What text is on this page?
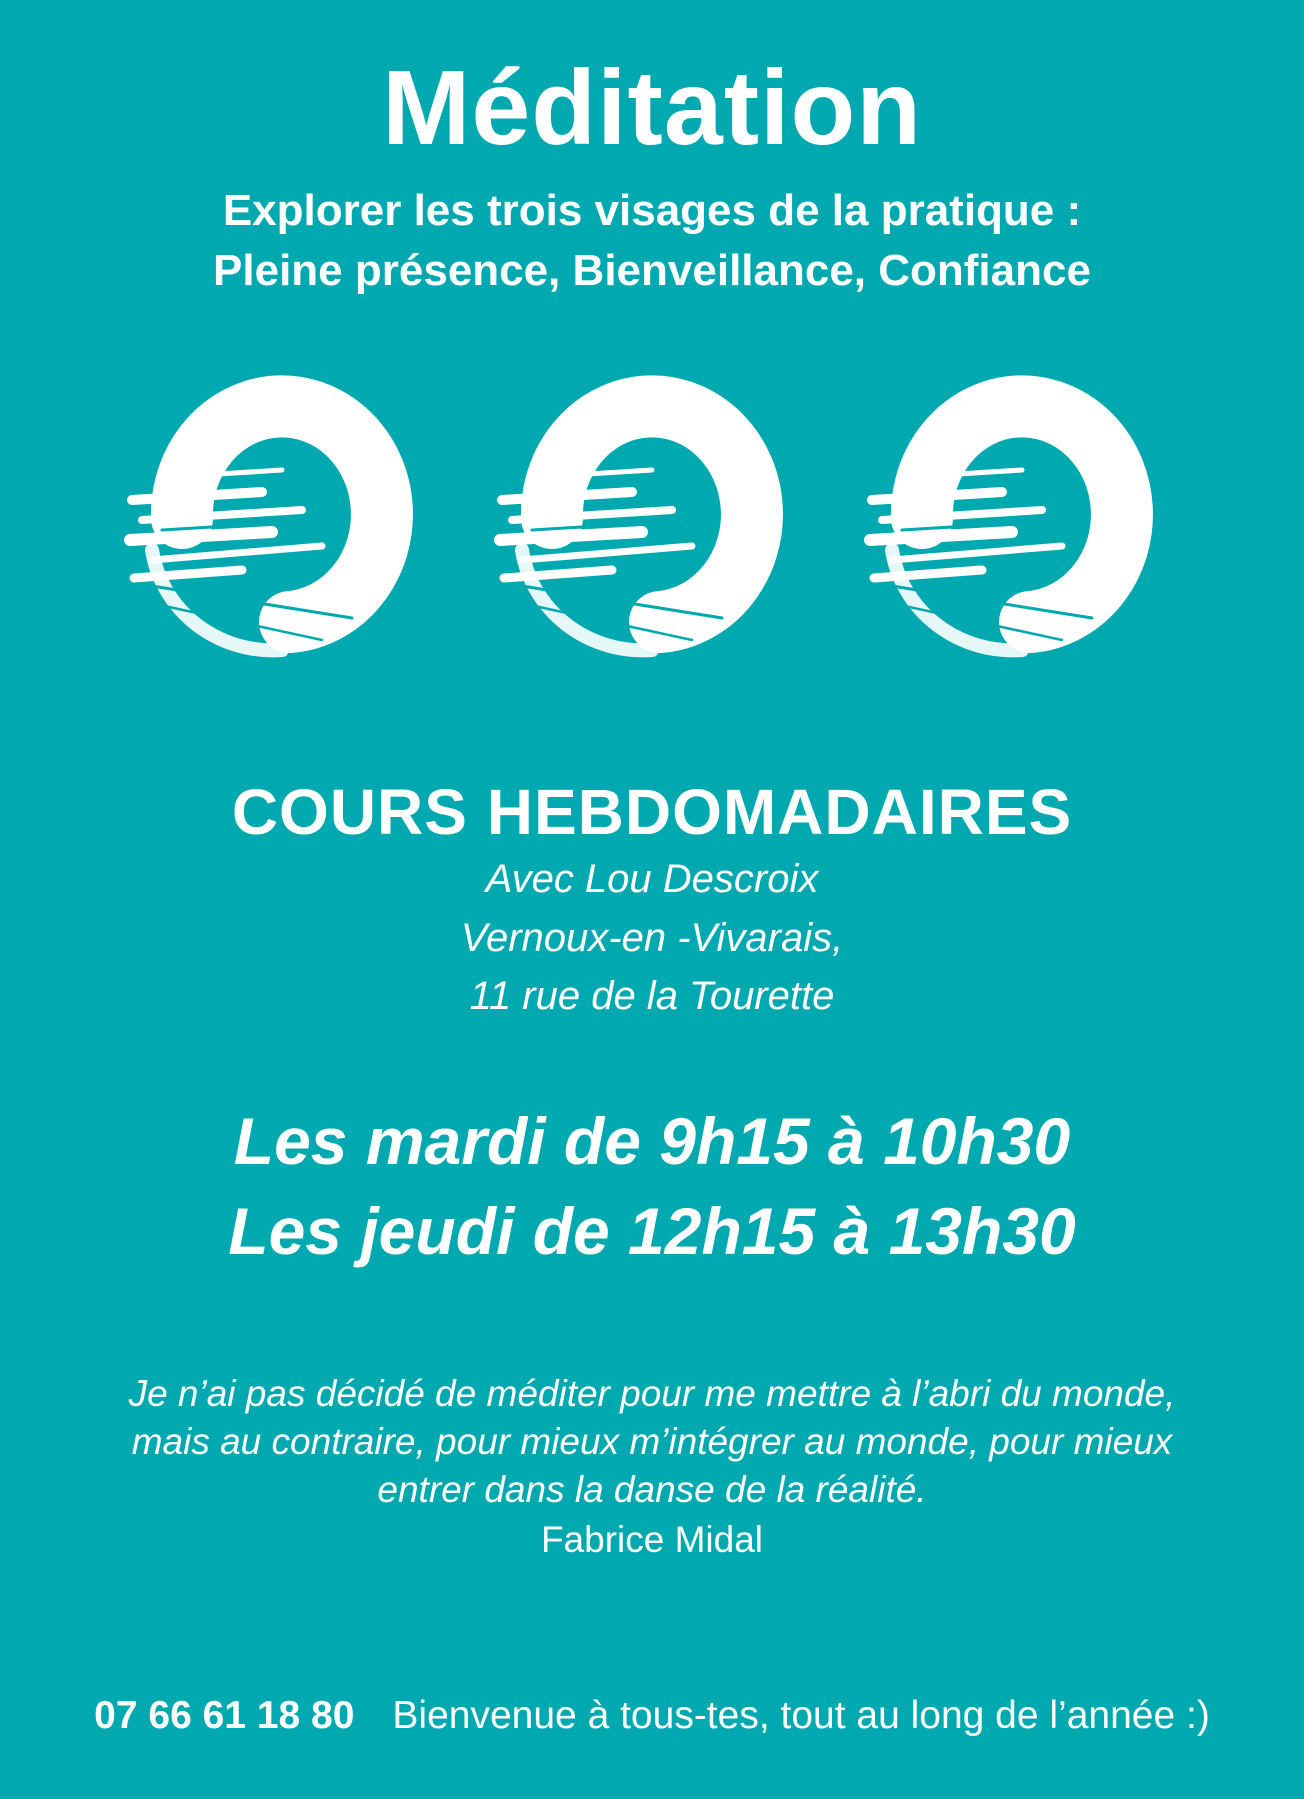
Méditation
Explorer les trois visages de la pratique :
Pleine présence, Bienveillance, Confiance
COURS HEBDOMADAIRES
Avec Lou Descroix
Vernoux-en -Vivarais,
11 rue de la Tourette
Les mardi de 9h15 à 10h30
Les jeudi de 12h15 à 13h30
Je n’ai pas décidé de méditer pour me mettre à l’abri du monde,
mais au contraire, pour mieux m’intégrer au monde, pour mieux
entrer dans la danse de la réalité.
Fabrice Midal
07 66 61 18 80 Bienvenue à tous-tes, tout au long de l’année :)
